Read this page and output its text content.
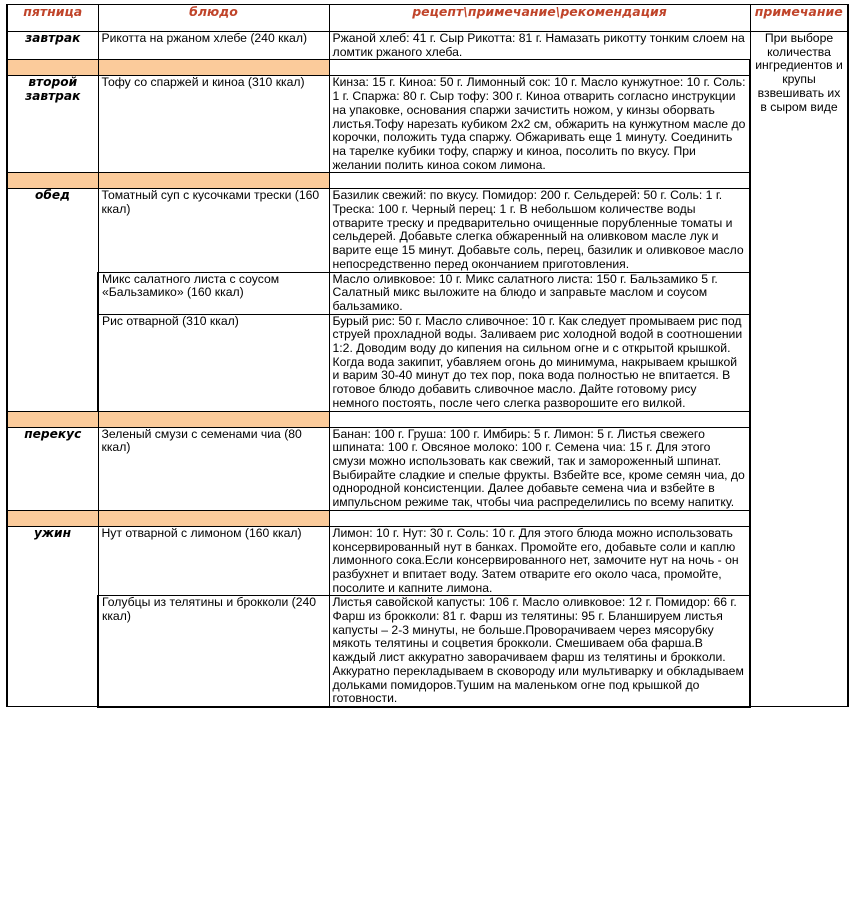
пятница	блюдо	рецепт\примечание\рекомендация	примечание
завтрак	Рикотта на ржаном хлебе (240 ккал)	Ржаной хлеб: 41 г. Сыр Рикотта: 81 г. Намазать рикотту тонким слоем на ломтик ржаного хлеба.	При выборе количества ингредиентов и крупы взвешивать их в сыром виде

второй завтрак	Тофу со спаржей и киноа (310 ккал)	Кинза: 15 г. Киноа: 50 г. Лимонный сок: 10 г. Масло кунжутное: 10 г. Соль: 1 г. Спаржа: 80 г. Сыр тофу: 300 г. Киноа отварить согласно инструкции на упаковке, основания спаржи зачистить ножом, у кинзы оборвать листья.Тофу нарезать кубиком 2х2 см, обжарить на кунжутном масле до корочки, положить туда спаржу. Обжаривать еще 1 минуту. Соединить на тарелке кубики тофу, спаржу и киноа, посолить по вкусу. При желании полить киноа соком лимона.	

обед	Томатный суп с кусочками трески (160 ккал)	Базилик свежий: по вкусу. Помидор: 200 г. Сельдерей: 50 г. Соль: 1 г. Треска: 100 г. Черный перец: 1 г. В небольшом количестве воды отварите треску и предварительно очищенные порубленные томаты и сельдерей. Добавьте слегка обжаренный на оливковом масле лук и варите еще 15 минут. Добавьте соль, перец, базилик и оливковое масло непосредственно перед окончанием приготовления.	
	Микс салатного листа с соусом «Бальзамико» (160 ккал)	Масло оливковое: 10 г. Микс салатного листа: 150 г. Бальзамико 5 г. Салатный микс выложите на блюдо и заправьте маслом и соусом бальзамико.	
	Рис отварной (310 ккал)	Бурый рис: 50 г. Масло сливочное: 10 г. Как следует промываем рис под струей прохладной воды. Заливаем рис холодной водой в соотношении 1:2. Доводим воду до кипения на сильном огне и с открытой крышкой. Когда вода закипит, убавляем огонь до минимума, накрываем крышкой и варим 30-40 минут до тех пор, пока вода полностью не впитается. В готовое блюдо добавить сливочное масло. Дайте готовому рису немного постоять, после чего слегка разворошите его вилкой.	

перекус	Зеленый смузи с семенами чиа (80 ккал)	Банан: 100 г. Груша: 100 г. Имбирь: 5 г. Лимон: 5 г. Листья свежего шпината: 100 г. Овсяное молоко: 100 г. Семена чиа: 15 г. Для этого смузи можно использовать как свежий, так и замороженный шпинат. Выбирайте сладкие и спелые фрукты. Взбейте все, кроме семян чиа, до однородной консистенции. Далее добавьте семена чиа и взбейте в импульсном режиме так, чтобы чиа распределились по всему напитку.	

ужин	Нут отварной с лимоном (160 ккал)	Лимон: 10 г. Нут: 30 г. Соль: 10 г. Для этого блюда можно использовать консервированный нут в банках. Промойте его, добавьте соли и каплю лимонного сока.Если консервированного нет, замочите нут на ночь - он разбухнет и впитает воду. Затем отварите его около часа, промойте, посолите и капните лимона.	
	Голубцы из телятины и брокколи (240 ккал)	Листья савойской капусты: 106 г. Масло оливковое: 12 г. Помидор: 66 г. Фарш из брокколи: 81 г. Фарш из телятины: 95 г. Бланшируем листья капусты – 2-3 минуты, не больше.Проворачиваем через мясорубку мякоть телятины и соцветия брокколи. Смешиваем оба фарша.В каждый лист аккуратно заворачиваем фарш из телятины и брокколи. Аккуратно перекладываем в сковороду или мультиварку и обкладываем дольками помидоров.Тушим на маленьком огне под крышкой до готовности.	
